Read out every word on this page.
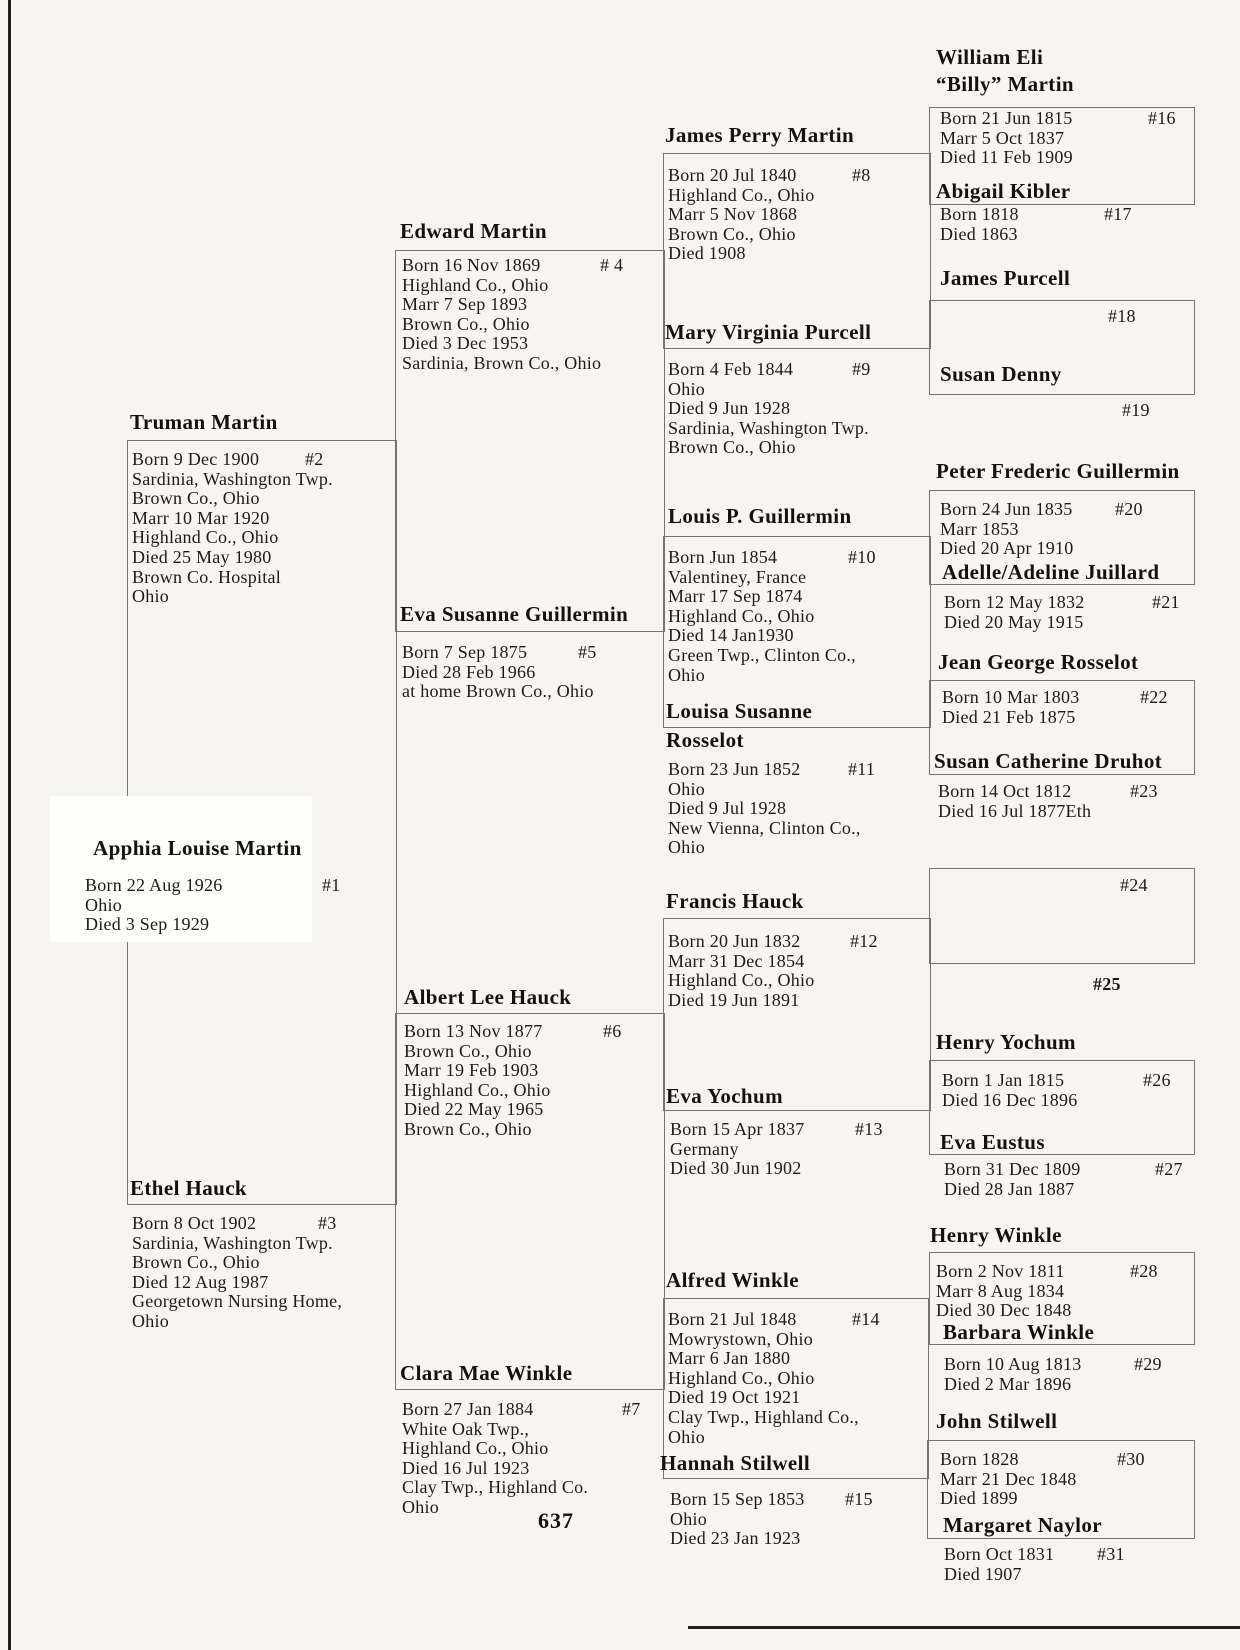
Apphia Louise Martin
Born 22 Aug 1926
Ohio
Died 3 Sep 1929
#1
Truman Martin
Born 9 Dec 1900
Sardinia, Washington Twp.
Brown Co., Ohio
Marr 10 Mar 1920
Highland Co., Ohio
Died 25 May 1980
Brown Co. Hospital
Ohio
#2
Ethel Hauck
Born 8 Oct 1902
Sardinia, Washington Twp.
Brown Co., Ohio
Died 12 Aug 1987
Georgetown Nursing Home,
Ohio
#3
Edward Martin
Born 16 Nov 1869
Highland Co., Ohio
Marr 7 Sep 1893
Brown Co., Ohio
Died 3 Dec 1953
Sardinia, Brown Co., Ohio
# 4
Eva Susanne Guillermin
Born 7 Sep 1875
Died 28 Feb 1966
at home Brown Co., Ohio
#5
Albert Lee Hauck
Born 13 Nov 1877
Brown Co., Ohio
Marr 19 Feb 1903
Highland Co., Ohio
Died 22 May 1965
Brown Co., Ohio
#6
Clara Mae Winkle
Born 27 Jan 1884
White Oak Twp.,
Highland Co., Ohio
Died 16 Jul 1923
Clay Twp., Highland Co.
Ohio
#7
James Perry Martin
Born 20 Jul 1840
Highland Co., Ohio
Marr 5 Nov 1868
Brown Co., Ohio
Died 1908
#8
Mary Virginia Purcell
Born 4 Feb 1844
Ohio
Died 9 Jun 1928
Sardinia, Washington Twp.
Brown Co., Ohio
#9
Louis P. Guillermin
Born Jun 1854
Valentiney, France
Marr 17 Sep 1874
Highland Co., Ohio
Died 14 Jan1930
Green Twp., Clinton Co.,
Ohio
#10
Louisa Susanne
Rosselot
Born 23 Jun 1852
Ohio
Died 9 Jul 1928
New Vienna, Clinton Co.,
Ohio
#11
Francis Hauck
Born 20 Jun 1832
Marr 31 Dec 1854
Highland Co., Ohio
Died 19 Jun 1891
#12
Eva Yochum
Born 15 Apr 1837
Germany
Died 30 Jun 1902
#13
Alfred Winkle
Born 21 Jul 1848
Mowrystown, Ohio
Marr 6 Jan 1880
Highland Co., Ohio
Died 19 Oct 1921
Clay Twp., Highland Co.,
Ohio
#14
Hannah Stilwell
Born 15 Sep 1853
Ohio
Died 23 Jan 1923
#15
William Eli
“Billy” Martin
Born 21 Jun 1815
Marr 5 Oct 1837
Died 11 Feb 1909
#16
Abigail Kibler
Born 1818
Died 1863
#17
James Purcell
#18
Susan Denny
#19
Peter Frederic Guillermin
Born 24 Jun 1835
Marr 1853
Died 20 Apr 1910
#20
Adelle/Adeline Juillard
Born 12 May 1832
Died 20 May 1915
#21
Jean George Rosselot
Born 10 Mar 1803
Died 21 Feb 1875
#22
Susan Catherine Druhot
Born 14 Oct 1812
Died 16 Jul 1877Eth
#23
#24
#25
Henry Yochum
Born 1 Jan 1815
Died 16 Dec 1896
#26
Eva Eustus
Born 31 Dec 1809
Died 28 Jan 1887
#27
Henry Winkle
Born 2 Nov 1811
Marr 8 Aug 1834
Died 30 Dec 1848
#28
Barbara Winkle
Born 10 Aug 1813
Died 2 Mar 1896
#29
John Stilwell
Born 1828
Marr 21 Dec 1848
Died 1899
#30
Margaret Naylor
Born Oct 1831
Died 1907
#31
637
